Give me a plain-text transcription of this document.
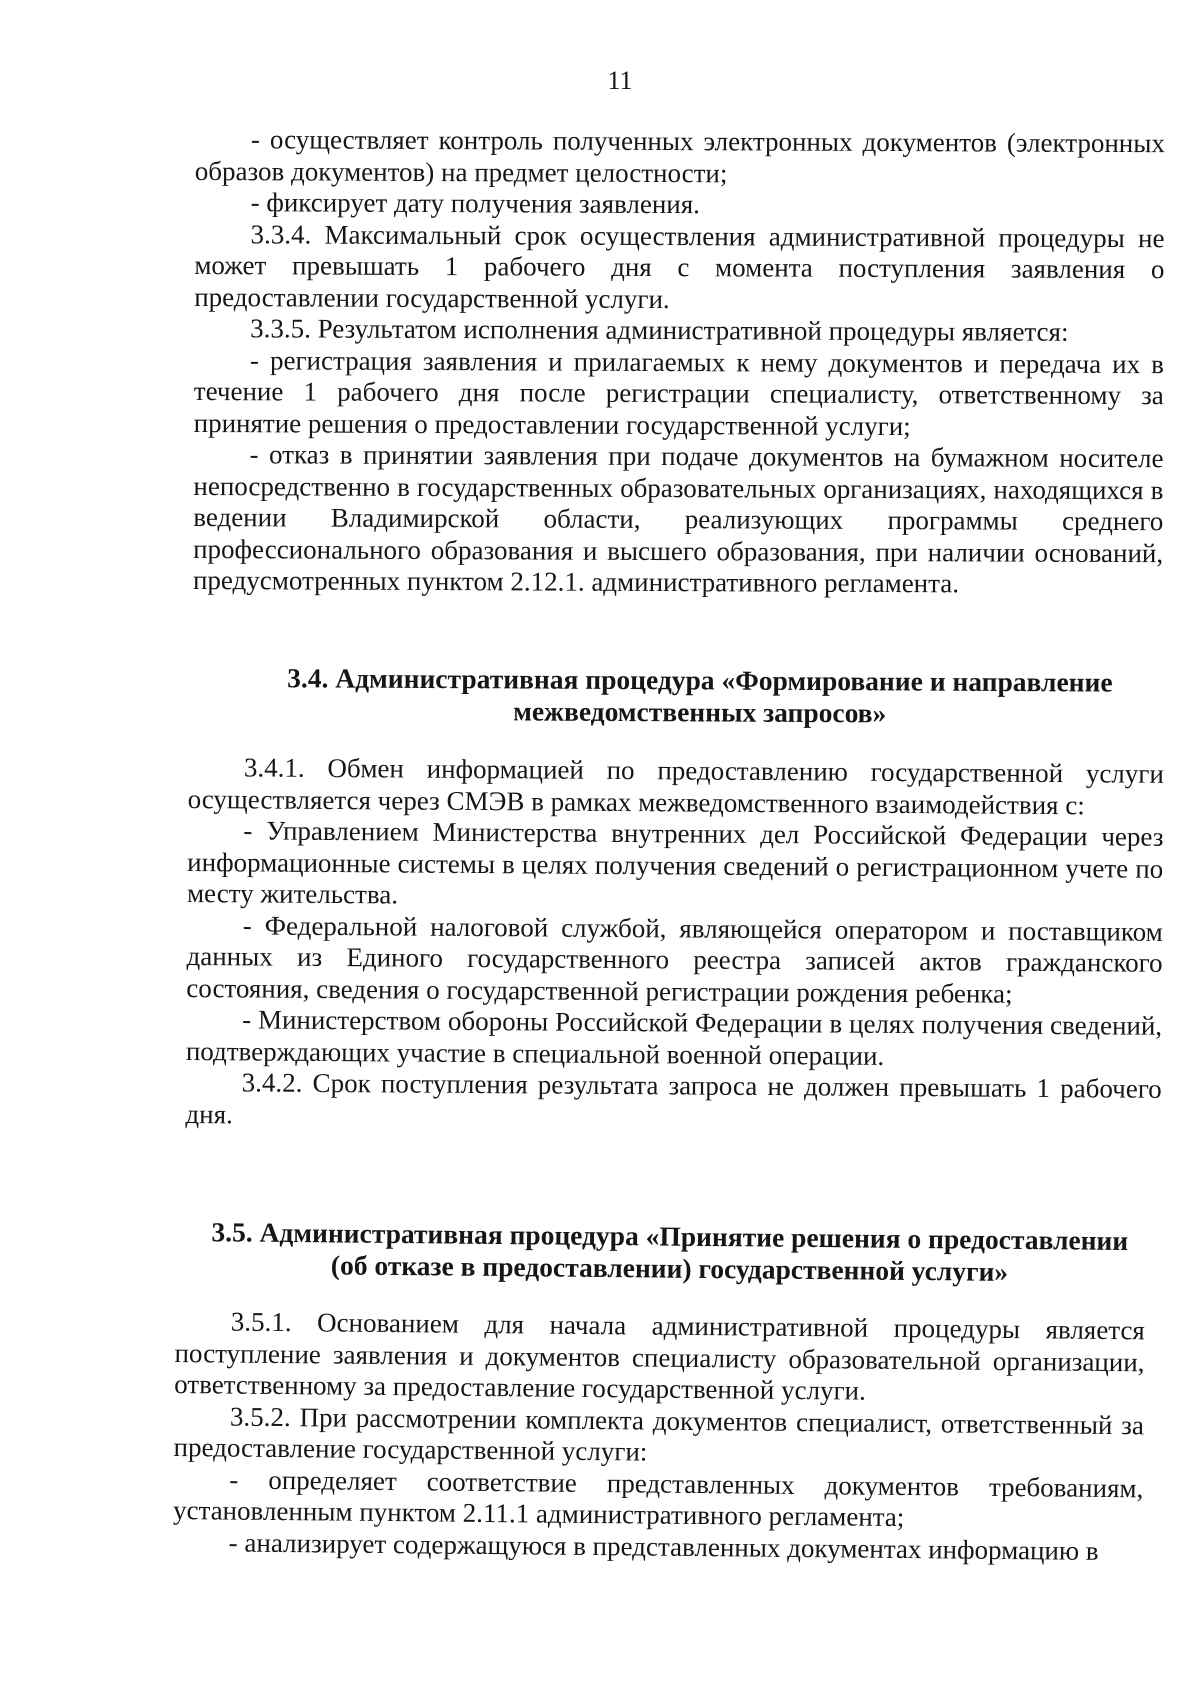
11

- осуществляет контроль полученных электронных документов (электронных образов документов) на предмет целостности;

- фиксирует дату получения заявления.

3.3.4. Максимальный срок осуществления административной процедуры не может превышать 1 рабочего дня с момента поступления заявления о предоставлении государственной услуги.

3.3.5. Результатом исполнения административной процедуры является:

- регистрация заявления и прилагаемых к нему документов и передача их в течение 1 рабочего дня после регистрации специалисту, ответственному за принятие решения о предоставлении государственной услуги;

- отказ в принятии заявления при подаче документов на бумажном носителе непосредственно в государственных образовательных организациях, находящихся в ведении Владимирской области, реализующих программы среднего профессионального образования и высшего образования, при наличии оснований, предусмотренных пунктом 2.12.1. административного регламента.

3.4. Административная процедура «Формирование и направление
межведомственных запросов»

3.4.1. Обмен информацией по предоставлению государственной услуги осуществляется через СМЭВ в рамках межведомственного взаимодействия с:

- Управлением Министерства внутренних дел Российской Федерации через информационные системы в целях получения сведений о регистрационном учете по месту жительства.

- Федеральной налоговой службой, являющейся оператором и поставщиком данных из Единого государственного реестра записей актов гражданского состояния, сведения о государственной регистрации рождения ребенка;

- Министерством обороны Российской Федерации в целях получения сведений, подтверждающих участие в специальной военной операции.

3.4.2. Срок поступления результата запроса не должен превышать 1 рабочего дня.

3.5. Административная процедура «Принятие решения о предоставлении
(об отказе в предоставлении) государственной услуги»

3.5.1. Основанием для начала административной процедуры является поступление заявления и документов специалисту образовательной организации, ответственному за предоставление государственной услуги.

3.5.2. При рассмотрении комплекта документов специалист, ответственный за предоставление государственной услуги:

- определяет соответствие представленных документов требованиям, установленным пунктом 2.11.1 административного регламента;

- анализирует содержащуюся в представленных документах информацию в
